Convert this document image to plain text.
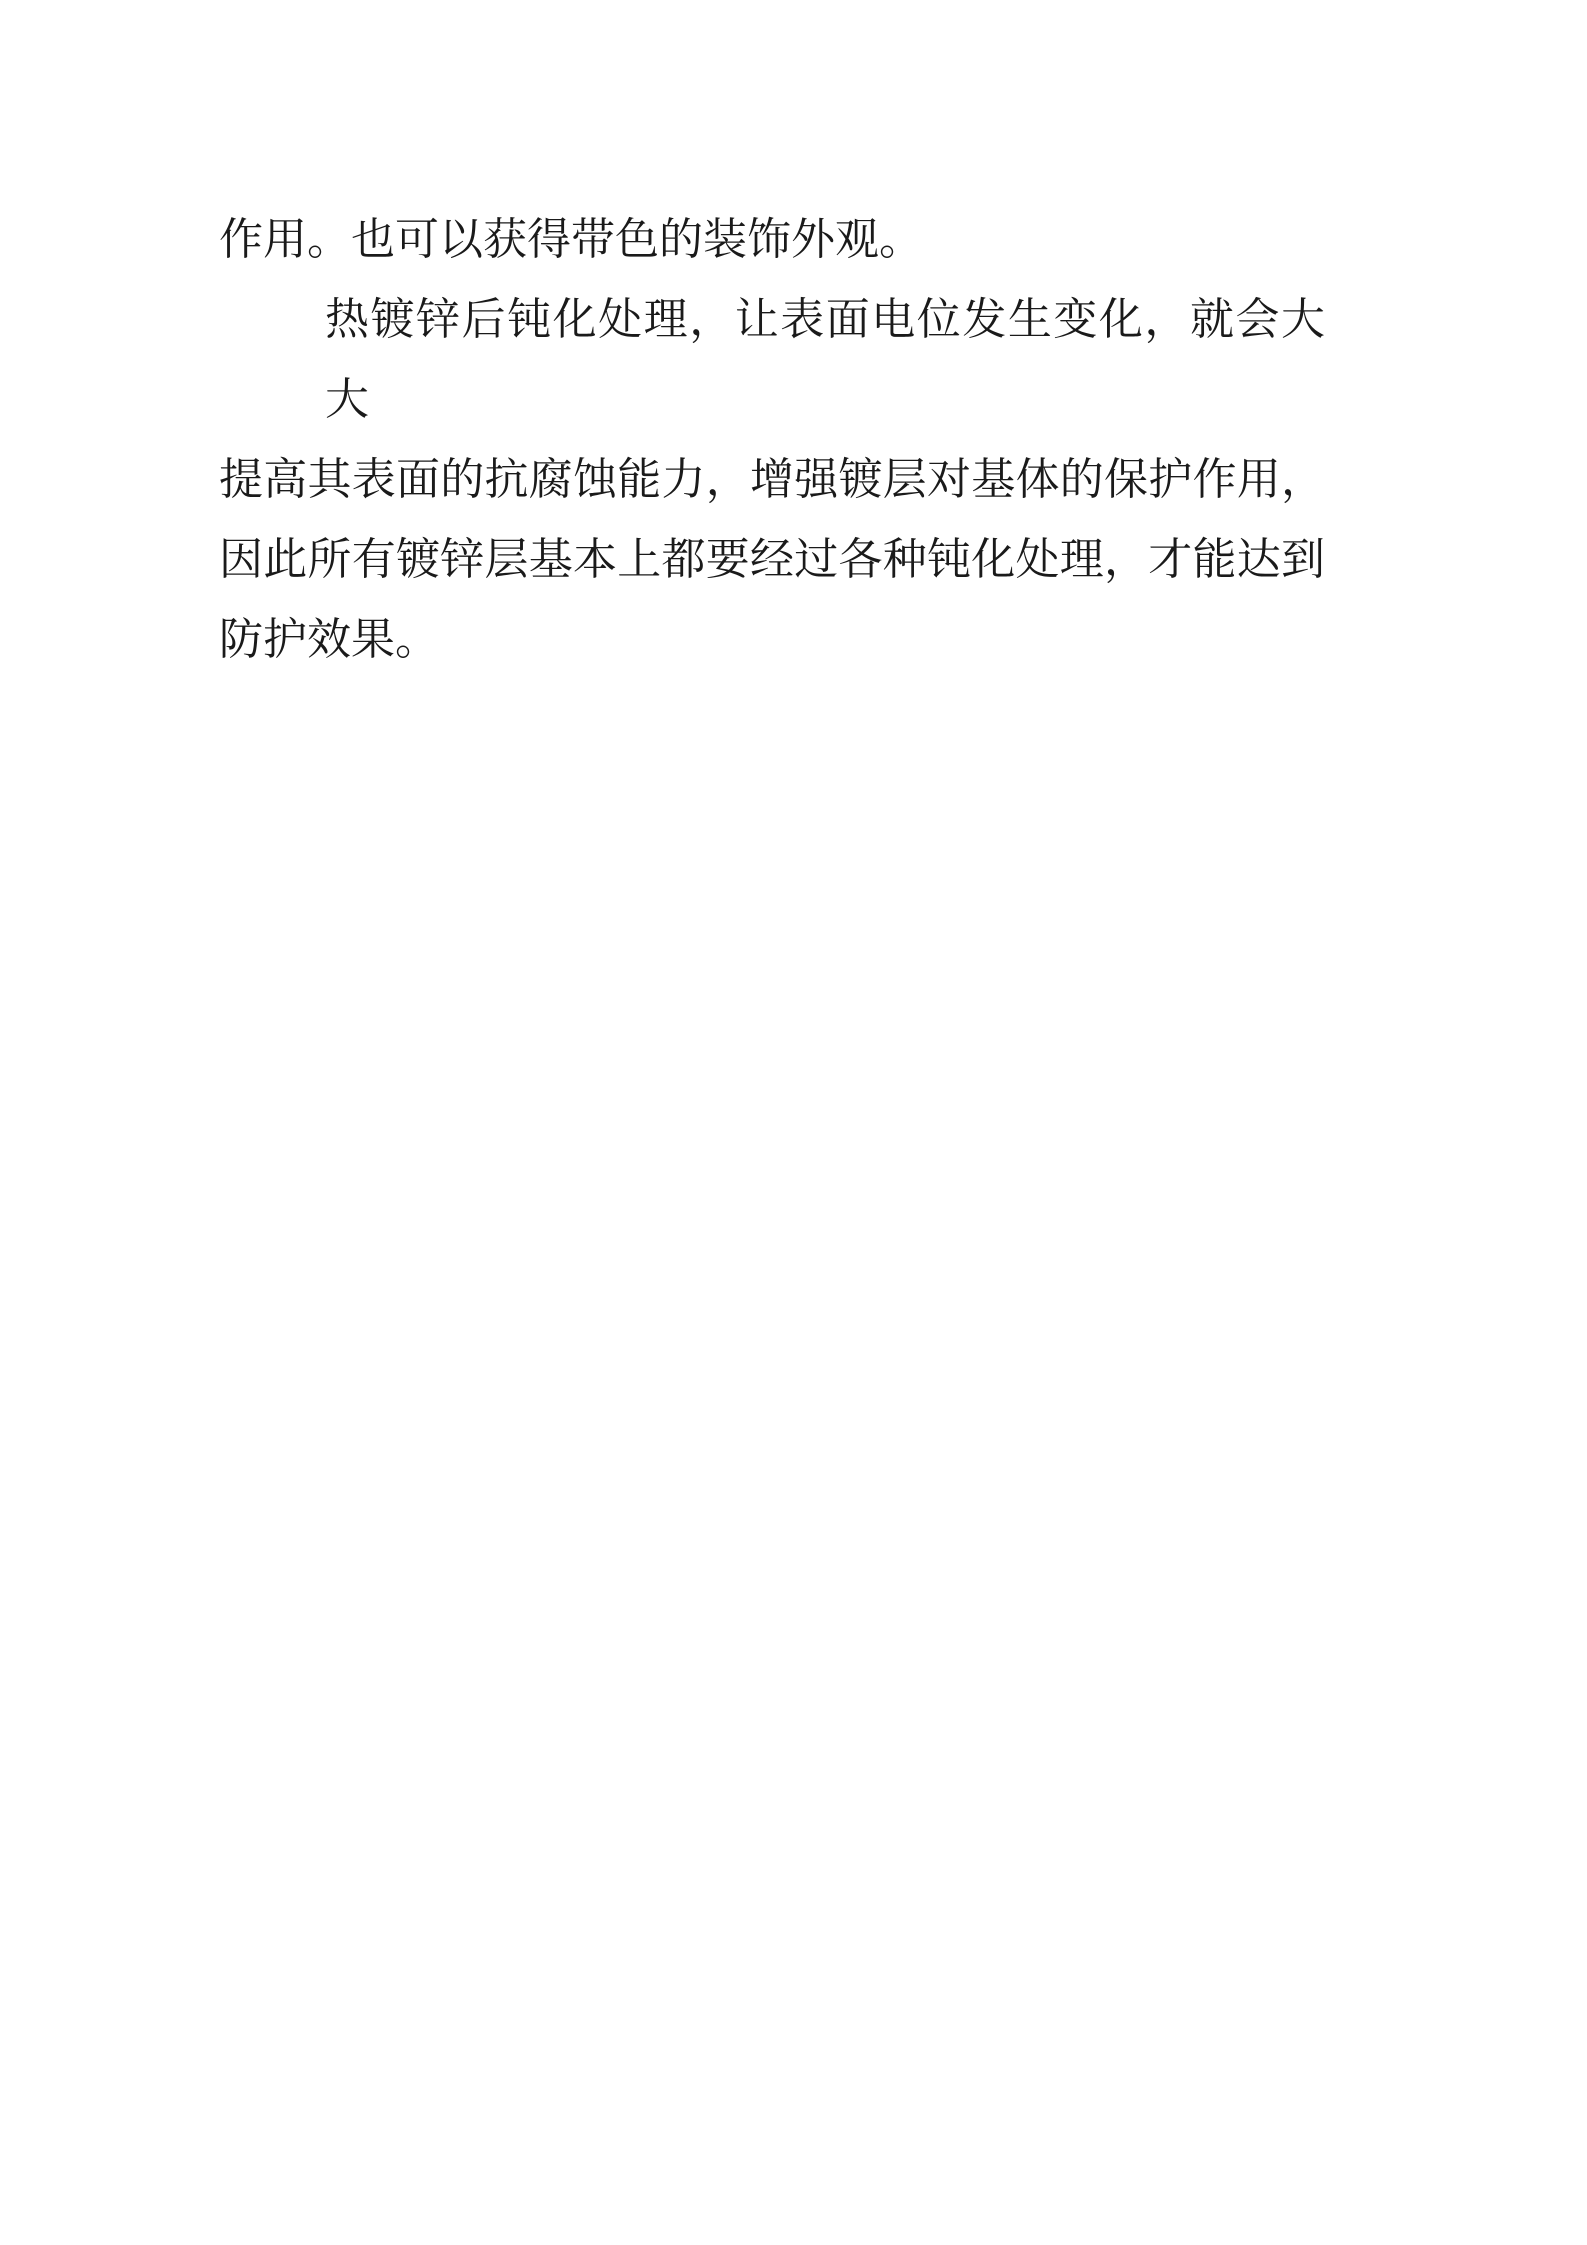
作用。也可以获得带色的装饰外观。

热镀锌后钝化处理，让表面电位发生变化，就会大大

提高其表面的抗腐蚀能力，增强镀层对基体的保护作用，

因此所有镀锌层基本上都要经过各种钝化处理，才能达到

防护效果。
